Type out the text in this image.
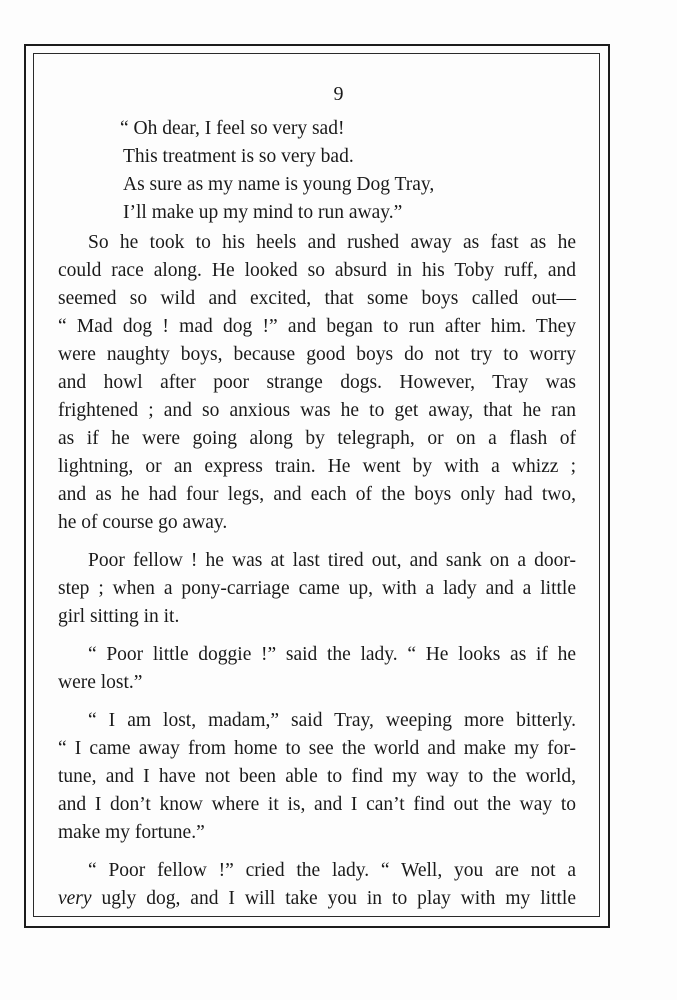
9
“ Oh dear, I feel so very sad!
This treatment is so very bad.
As sure as my name is young Dog Tray,
I’ll make up my mind to run away.”
So he took to his heels and rushed away as fast as he
could race along. He looked so absurd in his Toby ruff, and
seemed so wild and excited, that some boys called out—
“ Mad dog ! mad dog !” and began to run after him. They
were naughty boys, because good boys do not try to worry
and howl after poor strange dogs. However, Tray was
frightened ; and so anxious was he to get away, that he ran
as if he were going along by telegraph, or on a flash of
lightning, or an express train. He went by with a whizz ;
and as he had four legs, and each of the boys only had two,
he of course go away.
Poor fellow ! he was at last tired out, and sank on a door-
step ; when a pony-carriage came up, with a lady and a little
girl sitting in it.
“ Poor little doggie !” said the lady. “ He looks as if he
were lost.”
“ I am lost, madam,” said Tray, weeping more bitterly.
“ I came away from home to see the world and make my for-
tune, and I have not been able to find my way to the world,
and I don’t know where it is, and I can’t find out the way to
make my fortune.”
“ Poor fellow !” cried the lady. “ Well, you are not a
very ugly dog, and I will take you in to play with my little
